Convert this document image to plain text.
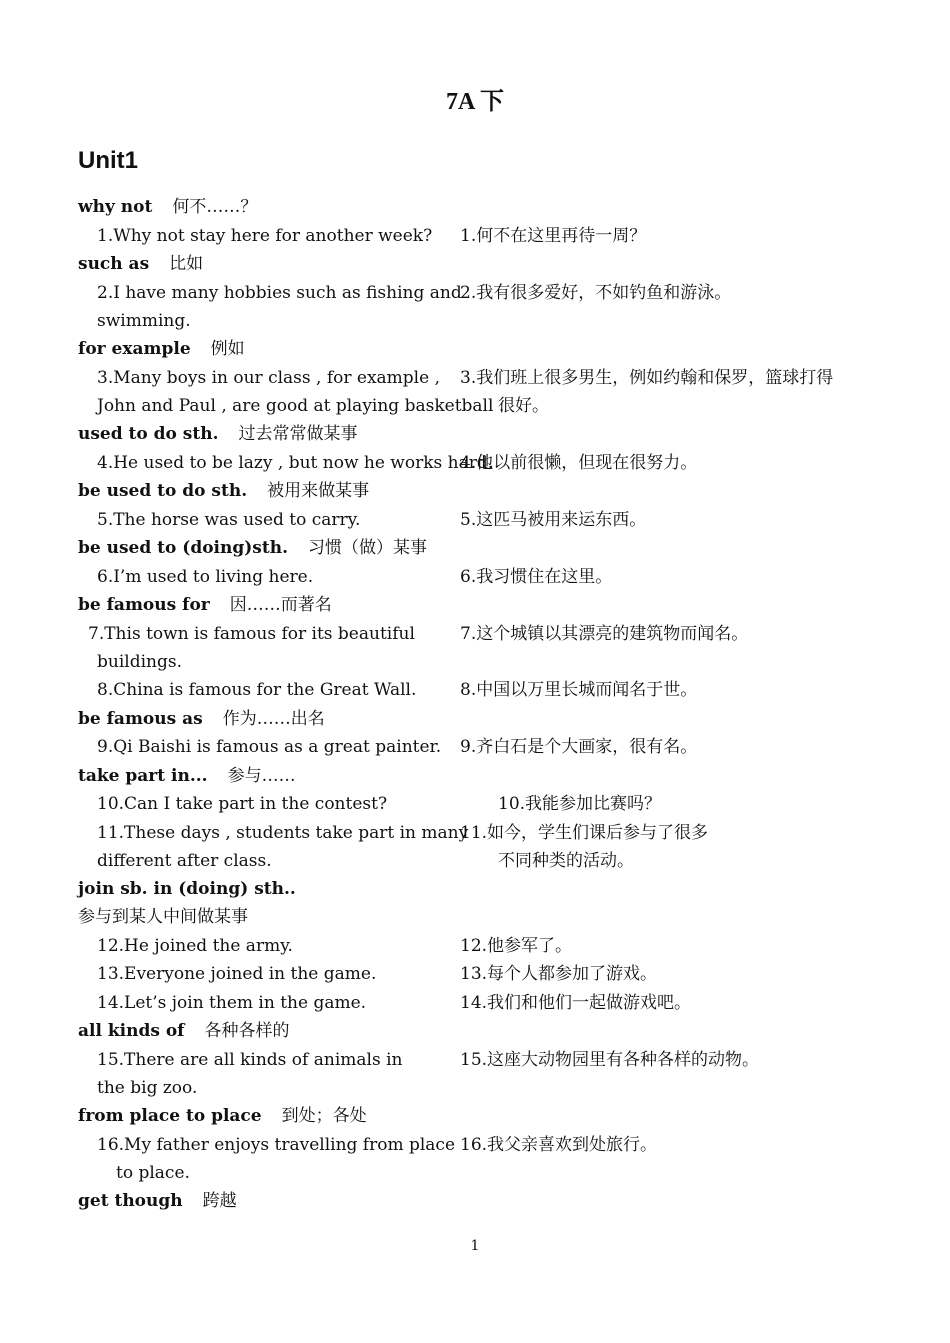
7A 下
Unit1
why not 何不……？
1.Why not stay here for another week? 1.何不在这里再待一周？
such as 比如
2.I have many hobbies such as fishing and
swimming.
2.我有很多爱好，不如钓鱼和游泳。
for example 例如
3.Many boys in our class , for example ,
John and Paul , are good at playing basketball .
3.我们班上很多男生，例如约翰和保罗，篮球打得
很好。
used to do sth. 过去常常做某事
4.He used to be lazy , but now he works hard.
4.他以前很懒，但现在很努力。
be used to do sth. 被用来做某事
5.The horse was used to carry.	5.这匹马被用来运东西。
be used to (doing)sth. 习惯（做）某事
6.I’m used to living here.	6.我习惯住在这里。
be famous for 因……而著名
7.This town is famous for its beautiful
buildings.
7.这个城镇以其漂亮的建筑物而闻名。
8.China is famous for the Great Wall.	8.中国以万里长城而闻名于世。
be famous as 作为……出名
9.Qi Baishi is famous as a great painter. 9.齐白石是个大画家，很有名。
take part in... 参与……
10.Can I take part in the contest?	10.我能参加比赛吗？
11.These days , students take part in many
different after class.
11.如今，学生们课后参与了很多
不同种类的活动。
join sb. in (doing) sth..
参与到某人中间做某事
12.He joined the army.	12.他参军了。
13.Everyone joined in the game.	13.每个人都参加了游戏。
14.Let’s join them in the game.	14.我们和他们一起做游戏吧。
all kinds of 各种各样的
15.There are all kinds of animals in
the big zoo.
15.这座大动物园里有各种各样的动物。
from place to place 到处；各处
16.My father enjoys travelling from place
to place.
16.我父亲喜欢到处旅行。
get though 跨越
1
